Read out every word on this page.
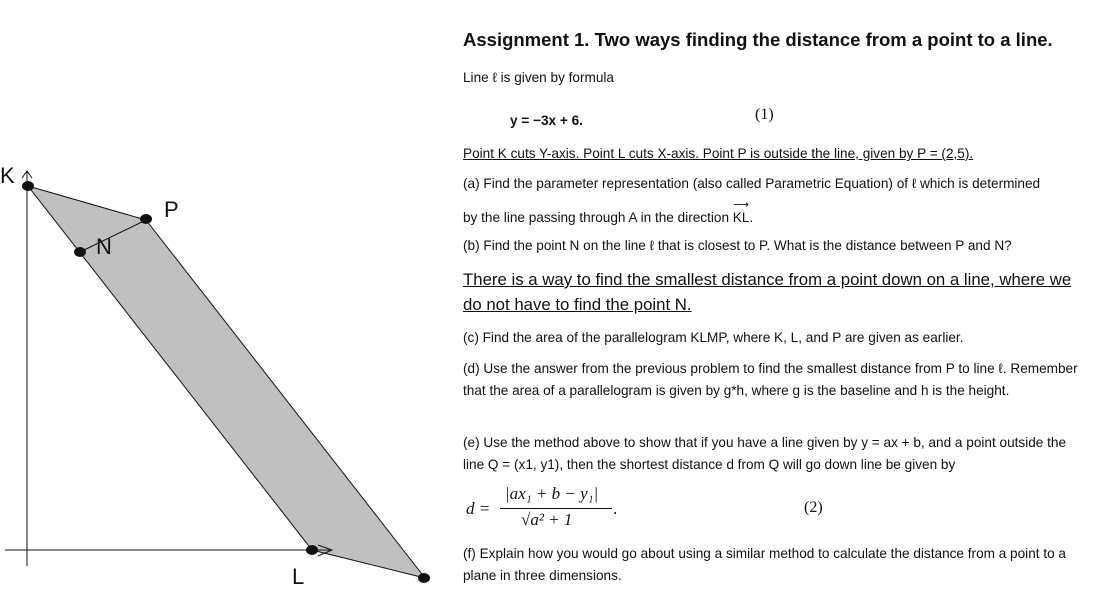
K
P
N
L
Assignment 1. Two ways finding the distance from a point to a line.
Line ℓ is given by formula
y = −3x + 6.	(1)
Point K cuts Y-axis. Point L cuts X-axis. Point P is outside the line, given by P = (2,5).
(a) Find the parameter representation (also called Parametric Equation) of ℓ which is determined
by the line passing through A in the direction
⟶
KL.
(b) Find the point N on the line ℓ that is closest to P. What is the distance between P and N?
There is a way to find the smallest distance from a point down on a line, where we do not have to find the point N.
(c) Find the area of the parallelogram KLMP, where K, L, and P are given as earlier.
(d) Use the answer from the previous problem to find the smallest distance from P to line ℓ. Remember that the area of a parallelogram is given by g*h, where g is the baseline and h is the height.
(e) Use the method above to show that if you have a line given by y = ax + b, and a point outside the line Q = (x1, y1), then the shortest distance d from Q will go down line be given by
d =
|ax₁ + b − y₁|
√a² + 1
.	(2)
(f) Explain how you would go about using a similar method to calculate the distance from a point to a plane in three dimensions.
